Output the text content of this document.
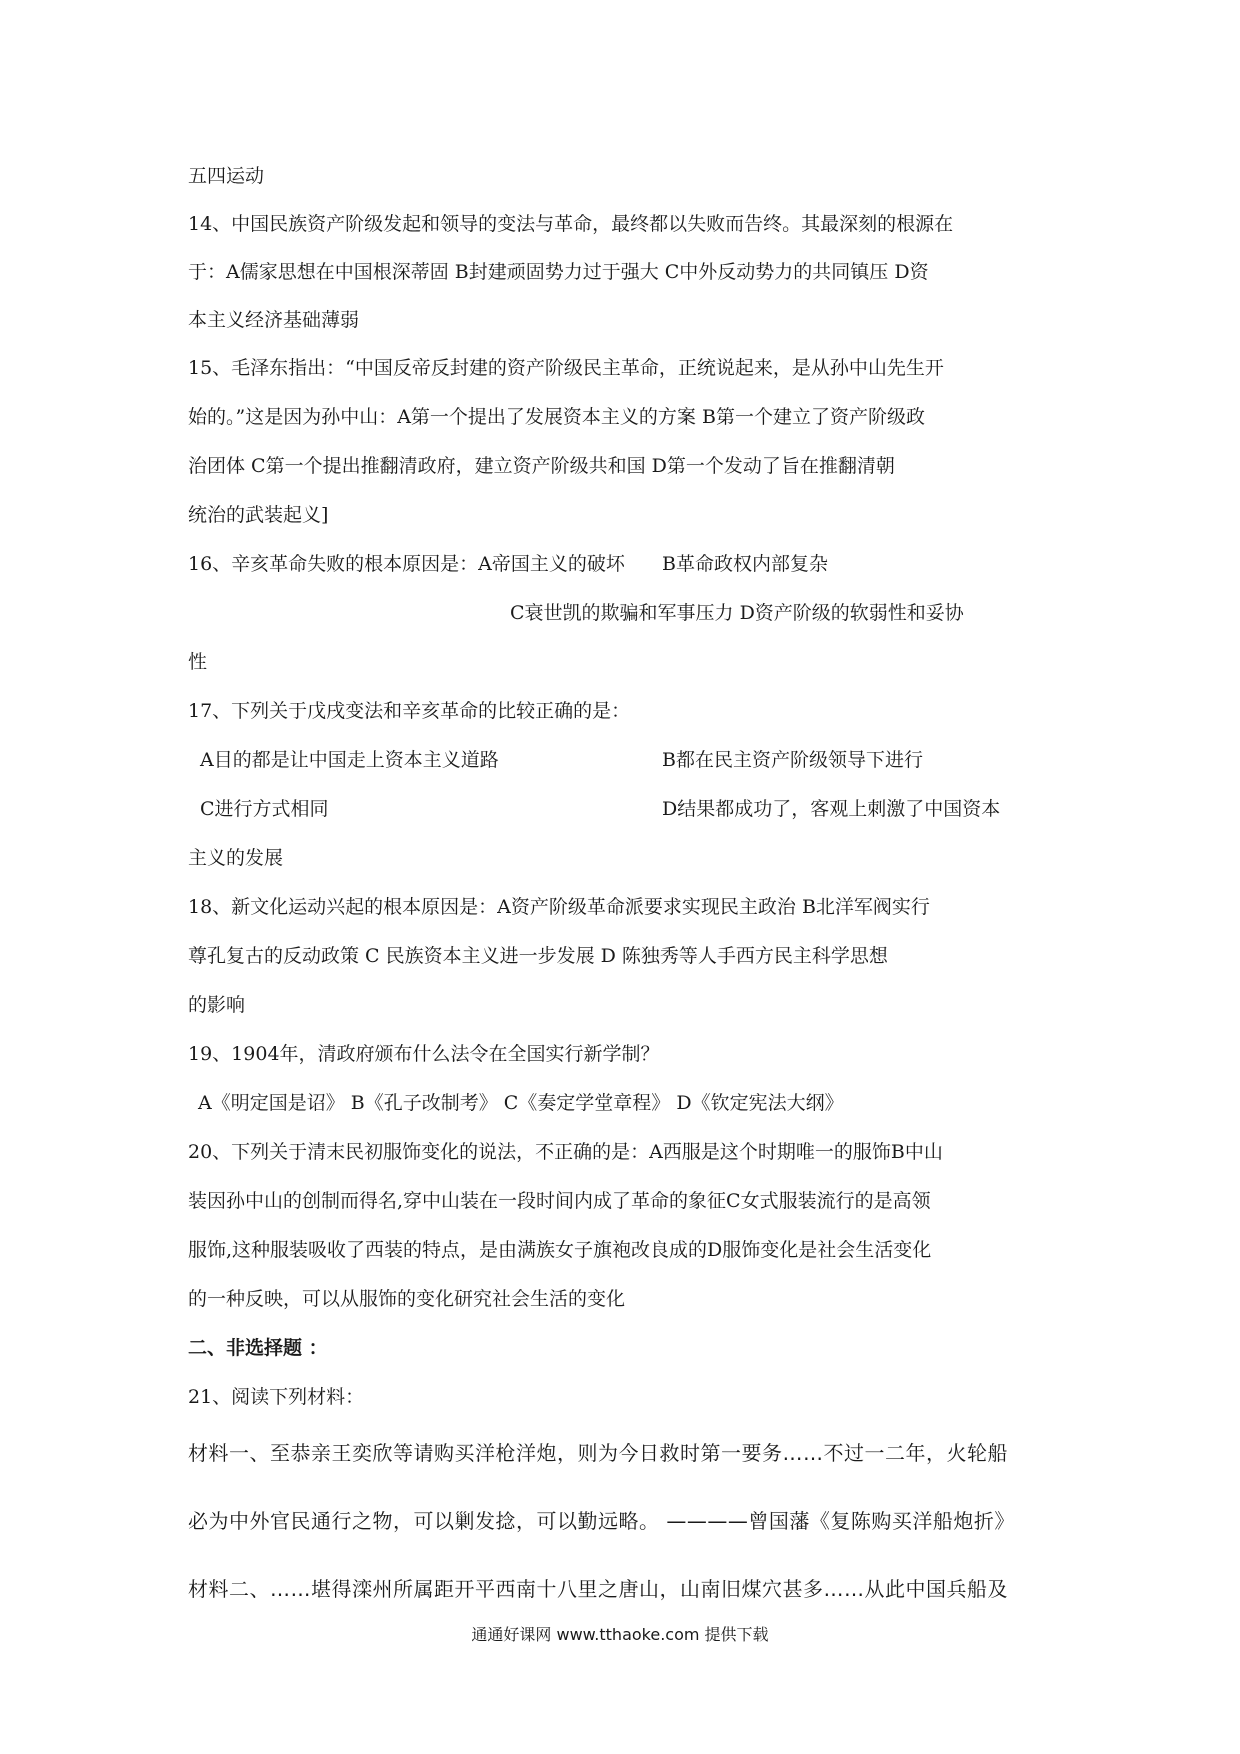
五四运动
14、中国民族资产阶级发起和领导的变法与革命，最终都以失败而告终。其最深刻的根源在
于：A儒家思想在中国根深蒂固 B封建顽固势力过于强大 C中外反动势力的共同镇压 D资
本主义经济基础薄弱
15、毛泽东指出：“中国反帝反封建的资产阶级民主革命，正统说起来，是从孙中山先生开
始的。”这是因为孙中山：A第一个提出了发展资本主义的方案 B第一个建立了资产阶级政
治团体 C第一个提出推翻清政府，建立资产阶级共和国 D第一个发动了旨在推翻清朝
统治的武装起义]
16、辛亥革命失败的根本原因是：A帝国主义的破坏 B革命政权内部复杂
C衰世凯的欺骗和军事压力 D资产阶级的软弱性和妥协
性
17、下列关于戊戌变法和辛亥革命的比较正确的是：
A目的都是让中国走上资本主义道路	B都在民主资产阶级领导下进行
C进行方式相同	D结果都成功了，客观上刺激了中国资本
主义的发展
18、新文化运动兴起的根本原因是：A资产阶级革命派要求实现民主政治 B北洋军阀实行
尊孔复古的反动政策 C 民族资本主义进一步发展 D 陈独秀等人手西方民主科学思想
的影响
19、1904年，清政府颁布什么法令在全国实行新学制？
A《明定国是诏》 B《孔子改制考》 C《奏定学堂章程》 D《钦定宪法大纲》
20、下列关于清末民初服饰变化的说法，不正确的是：A西服是这个时期唯一的服饰B中山
装因孙中山的创制而得名,穿中山装在一段时间内成了革命的象征C女式服装流行的是高领
服饰,这种服装吸收了西装的特点，是由满族女子旗袍改良成的D服饰变化是社会生活变化
的一种反映，可以从服饰的变化研究社会生活的变化
二、非选择题 ：
21、阅读下列材料：
材料一、至恭亲王奕欣等请购买洋枪洋炮，则为今日救时第一要务……不过一二年，火轮船
必为中外官民通行之物，可以剿发捻，可以勤远略。 ————曾国藩《复陈购买洋船炮折》
材料二、……堪得滦州所属距开平西南十八里之唐山，山南旧煤穴甚多……从此中国兵船及
通通好课网 www.tthaoke.com 提供下载
